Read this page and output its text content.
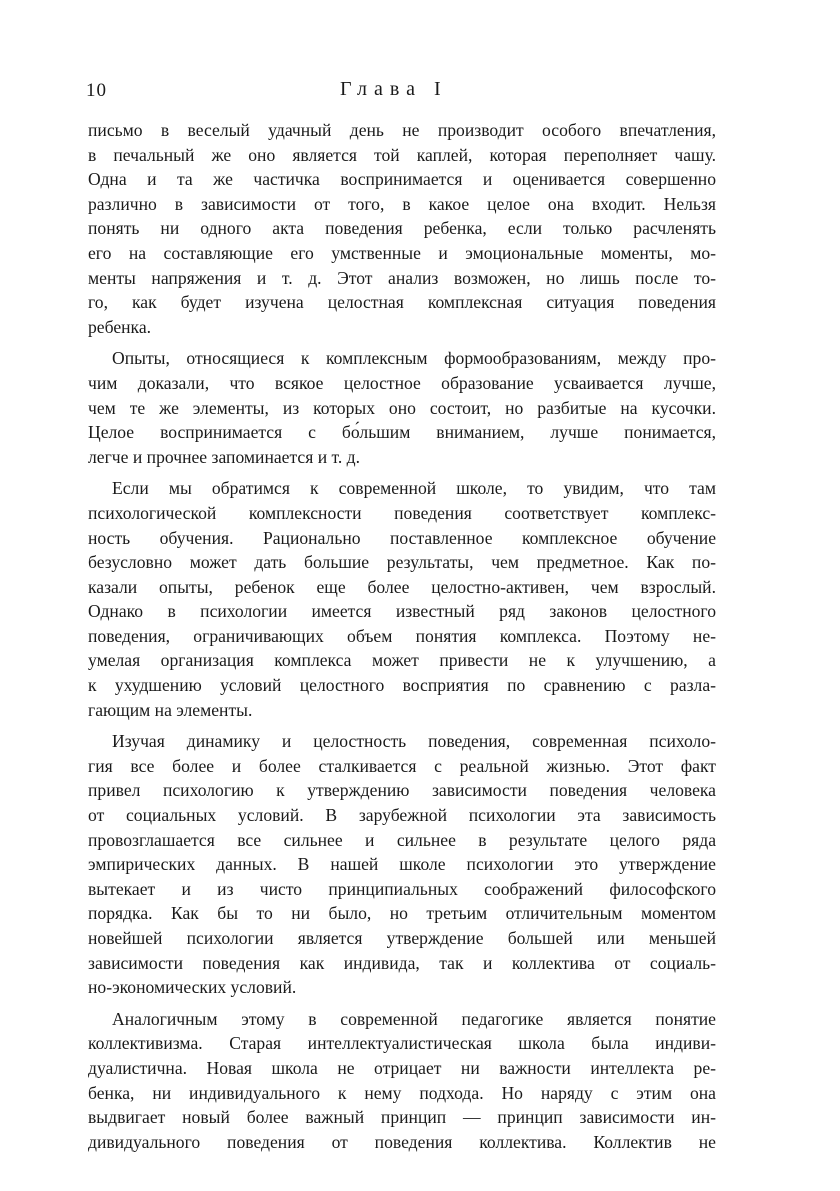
10	Глава I
письмо в веселый удачный день не производит особого впечатления,
в печальный же оно является той каплей, которая переполняет чашу.
Одна и та же частичка воспринимается и оценивается совершенно
различно в зависимости от того, в какое целое она входит. Нельзя
понять ни одного акта поведения ребенка, если только расчленять
его на составляющие его умственные и эмоциональные моменты, мо-
менты напряжения и т. д. Этот анализ возможен, но лишь после то-
го, как будет изучена целостная комплексная ситуация поведения
ребенка.
Опыты, относящиеся к комплексным формообразованиям, между про-
чим доказали, что всякое целостное образование усваивается лучше,
чем те же элементы, из которых оно состоит, но разбитые на кусочки.
Целое воспринимается с бо́льшим вниманием, лучше понимается,
легче и прочнее запоминается и т. д.
Если мы обратимся к современной школе, то увидим, что там
психологической комплексности поведения соответствует комплекс-
ность обучения. Рационально поставленное комплексное обучение
безусловно может дать большие результаты, чем предметное. Как по-
казали опыты, ребенок еще более целостно-активен, чем взрослый.
Однако в психологии имеется известный ряд законов целостного
поведения, ограничивающих объем понятия комплекса. Поэтому не-
умелая организация комплекса может привести не к улучшению, а
к ухудшению условий целостного восприятия по сравнению с разла-
гающим на элементы.
Изучая динамику и целостность поведения, современная психоло-
гия все более и более сталкивается с реальной жизнью. Этот факт
привел психологию к утверждению зависимости поведения человека
от социальных условий. В зарубежной психологии эта зависимость
провозглашается все сильнее и сильнее в результате целого ряда
эмпирических данных. В нашей школе психологии это утверждение
вытекает и из чисто принципиальных соображений философского
порядка. Как бы то ни было, но третьим отличительным моментом
новейшей психологии является утверждение большей или меньшей
зависимости поведения как индивида, так и коллектива от социаль-
но-экономических условий.
Аналогичным этому в современной педагогике является понятие
коллективизма. Старая интеллектуалистическая школа была индиви-
дуалистична. Новая школа не отрицает ни важности интеллекта ре-
бенка, ни индивидуального к нему подхода. Но наряду с этим она
выдвигает новый более важный принцип — принцип зависимости ин-
дивидуального поведения от поведения коллектива. Коллектив не
